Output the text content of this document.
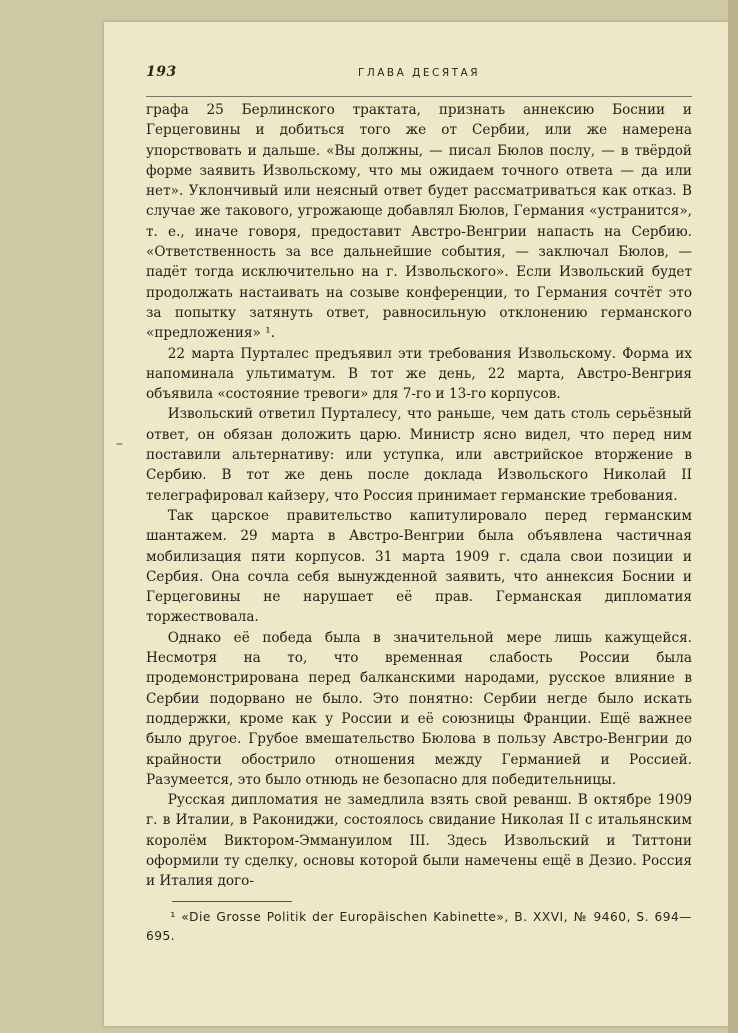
193	ГЛАВА ДЕСЯТАЯ
–

графа 25 Берлинского трактата, признать аннексию Боснии и Герцеговины и добиться того же от Сербии, или же намерена упорствовать и дальше. «Вы должны, — писал Бюлов послу, — в твёрдой форме заявить Извольскому, что мы ожидаем точного ответа — да или нет». Уклончивый или неясный ответ будет рассматриваться как отказ. В случае же такового, угрожающе добавлял Бюлов, Германия «устранится», т. е., иначе говоря, предоставит Австро-Венгрии напасть на Сербию. «Ответственность за все дальнейшие события, — заключал Бюлов, — падёт тогда исключительно на г. Извольского». Если Извольский будет продолжать настаивать на созыве конференции, то Германия сочтёт это за попытку затянуть ответ, равносильную отклонению германского «предложения» ¹.

22 марта Пурталес предъявил эти требования Извольскому. Форма их напоминала ультиматум. В тот же день, 22 марта, Австро-Венгрия объявила «состояние тревоги» для 7-го и 13-го корпусов.

Извольский ответил Пурталесу, что раньше, чем дать столь серьёзный ответ, он обязан доложить царю. Министр ясно видел, что перед ним поставили альтернативу: или уступка, или австрийское вторжение в Сербию. В тот же день после доклада Извольского Николай II телеграфировал кайзеру, что Россия принимает германские требования.

Так царское правительство капитулировало перед германским шантажем. 29 марта в Австро-Венгрии была объявлена частичная мобилизация пяти корпусов. 31 марта 1909 г. сдала свои позиции и Сербия. Она сочла себя вынужденной заявить, что аннексия Боснии и Герцеговины не нарушает её прав. Германская дипломатия торжествовала.

Однако её победа была в значительной мере лишь кажущейся. Несмотря на то, что временная слабость России была продемонстрирована перед балканскими народами, русское влияние в Сербии подорвано не было. Это понятно: Сербии негде было искать поддержки, кроме как у России и её союзницы Франции. Ещё важнее было другое. Грубое вмешательство Бюлова в пользу Австро-Венгрии до крайности обострило отношения между Германией и Россией. Разумеется, это было отнюдь не безопасно для победительницы.

Русская дипломатия не замедлила взять свой реванш. В октябре 1909 г. в Италии, в Ракониджи, состоялось свидание Николая II с итальянским королём Виктором-Эммануилом III. Здесь Извольский и Титтони оформили ту сделку, основы которой были намечены ещё в Дезио. Россия и Италия дого-

¹ «Die Grosse Politik der Europäischen Kabinette», B. XXVI, № 9460, S. 694—695.
